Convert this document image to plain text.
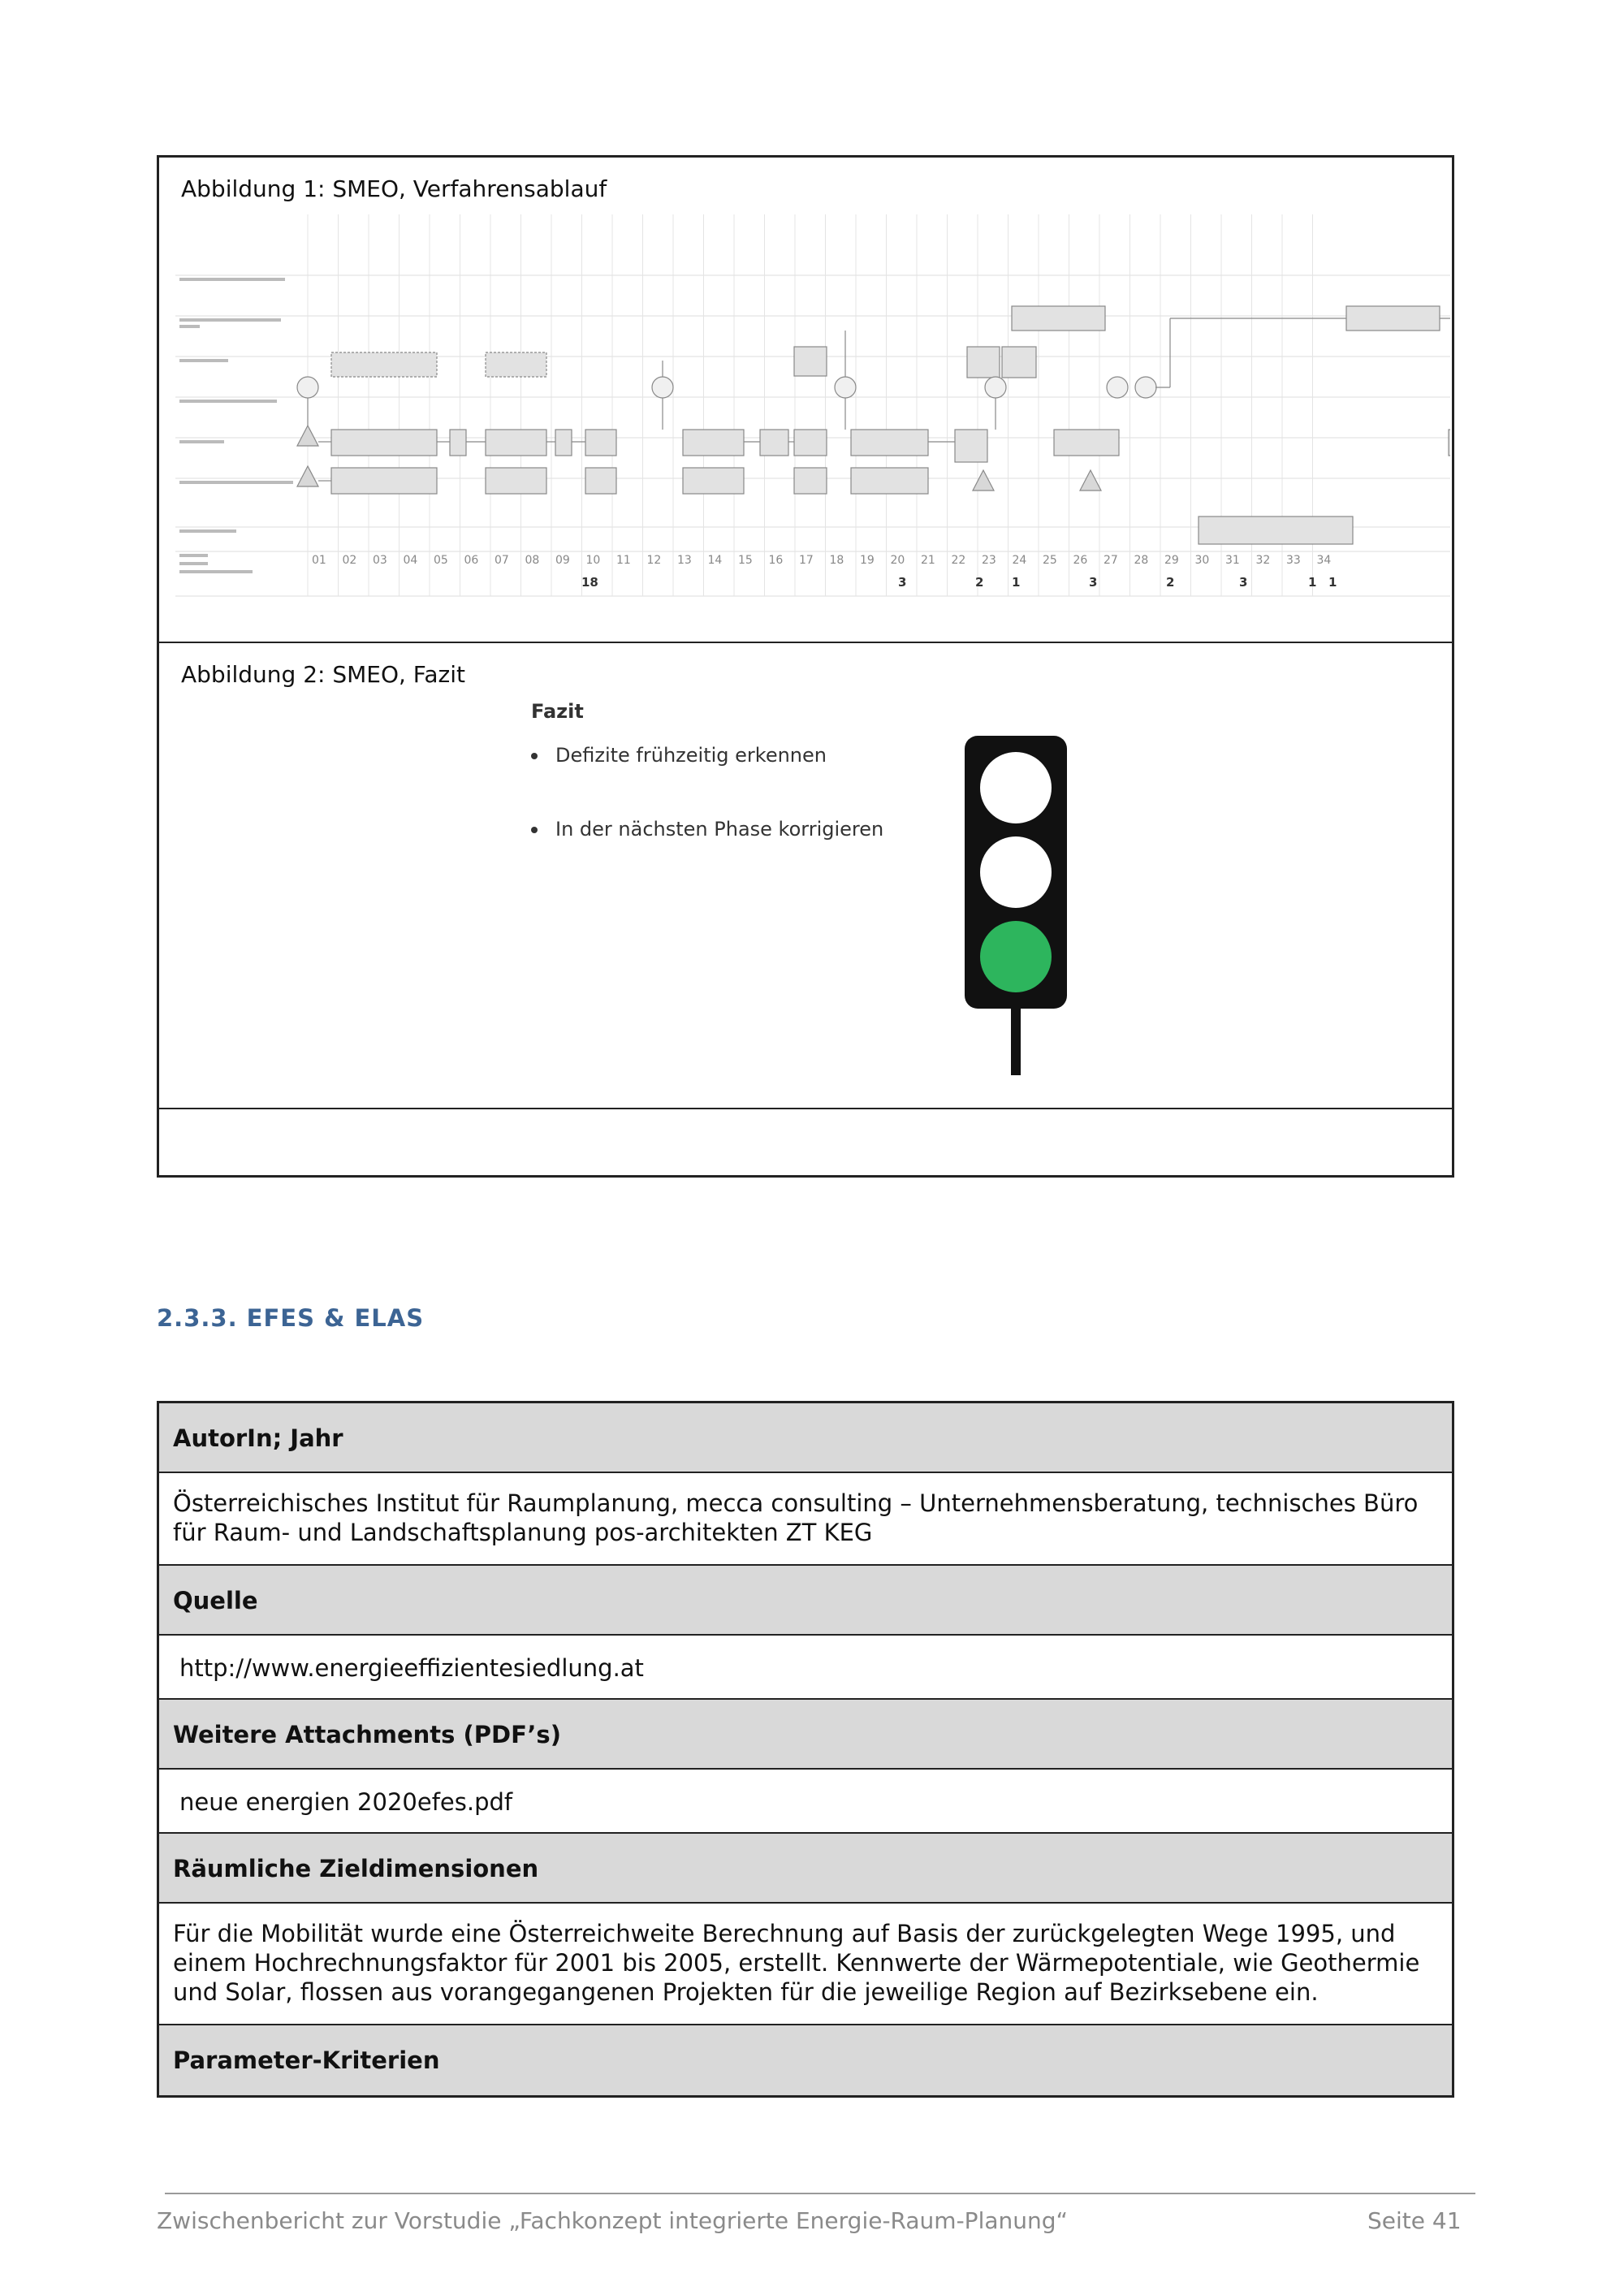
Abbildung 1: SMEO, Verfahrensablauf
01 02 03 04 05 06 07 08 09 10 11 12 13 14 15 16 17 18 19 20 21 22 23 24 25 26 27 28 29 30 31 32 33 34
18	3	2 1	3	2	3	1 1
Abbildung 2: SMEO, Fazit
Fazit
Defizite frühzeitig erkennen
In der nächsten Phase korrigieren
2.3.3. EFES & ELAS
AutorIn; Jahr
Österreichisches Institut für Raumplanung, mecca consulting – Unternehmensberatung, technisches Büro für Raum- und Landschaftsplanung pos-architekten ZT KEG
Quelle
http://www.energieeffizientesiedlung.at
Weitere Attachments (PDF’s)
neue energien 2020efes.pdf
Räumliche Zieldimensionen
Für die Mobilität wurde eine Österreichweite Berechnung auf Basis der zurückgelegten Wege 1995, und einem Hochrechnungsfaktor für 2001 bis 2005, erstellt. Kennwerte der Wärmepotentiale, wie Geothermie und Solar, flossen aus vorangegangenen Projekten für die jeweilige Region auf Bezirksebene ein.
Parameter-Kriterien
Zwischenbericht zur Vorstudie „Fachkonzept integrierte Energie-Raum-Planung“	Seite 41
